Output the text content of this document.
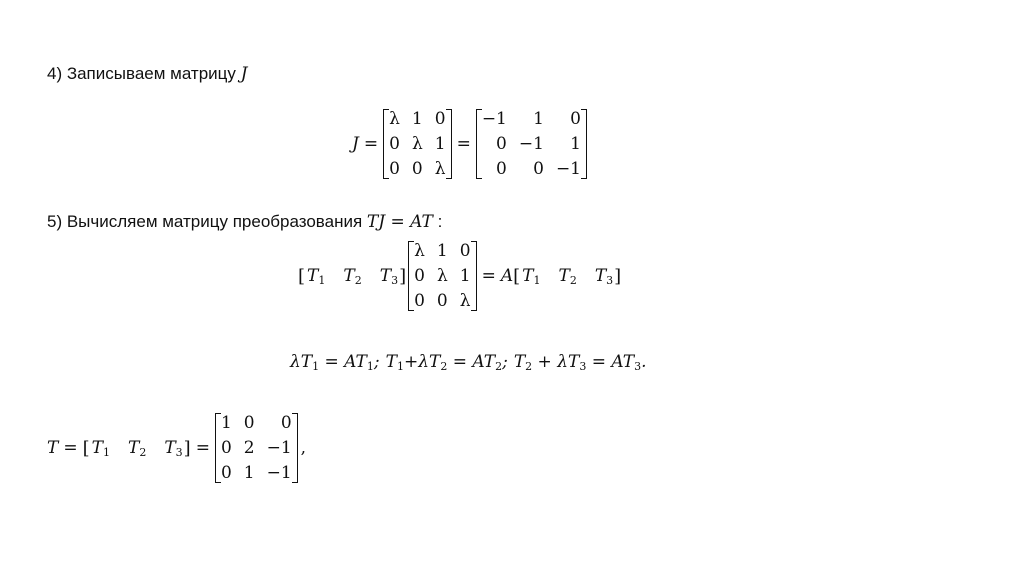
4) Записываем матрицу J
J =
λ 1 0
0 λ 1
0 0 λ
=
−1	1	0
0 −1	1
0	0 −1
5) Вычисляем матрицу преобразования TJ = AT :
[ $T_1$ $T_2$ $T_3$ ]
λ 1 0
0 λ 1
0 0 λ
= A [ $T_1$ $T_2$ $T_3$ ]
$\lambda T_1 = AT_1$; $T_1+\lambda T_2 = AT_2$; $T_2 + \lambda T_3 = AT_3$.
T = [ $T_1$ $T_2$ $T_3$ ] =
1 0	0
0 2 −1
0 1 −1
,
